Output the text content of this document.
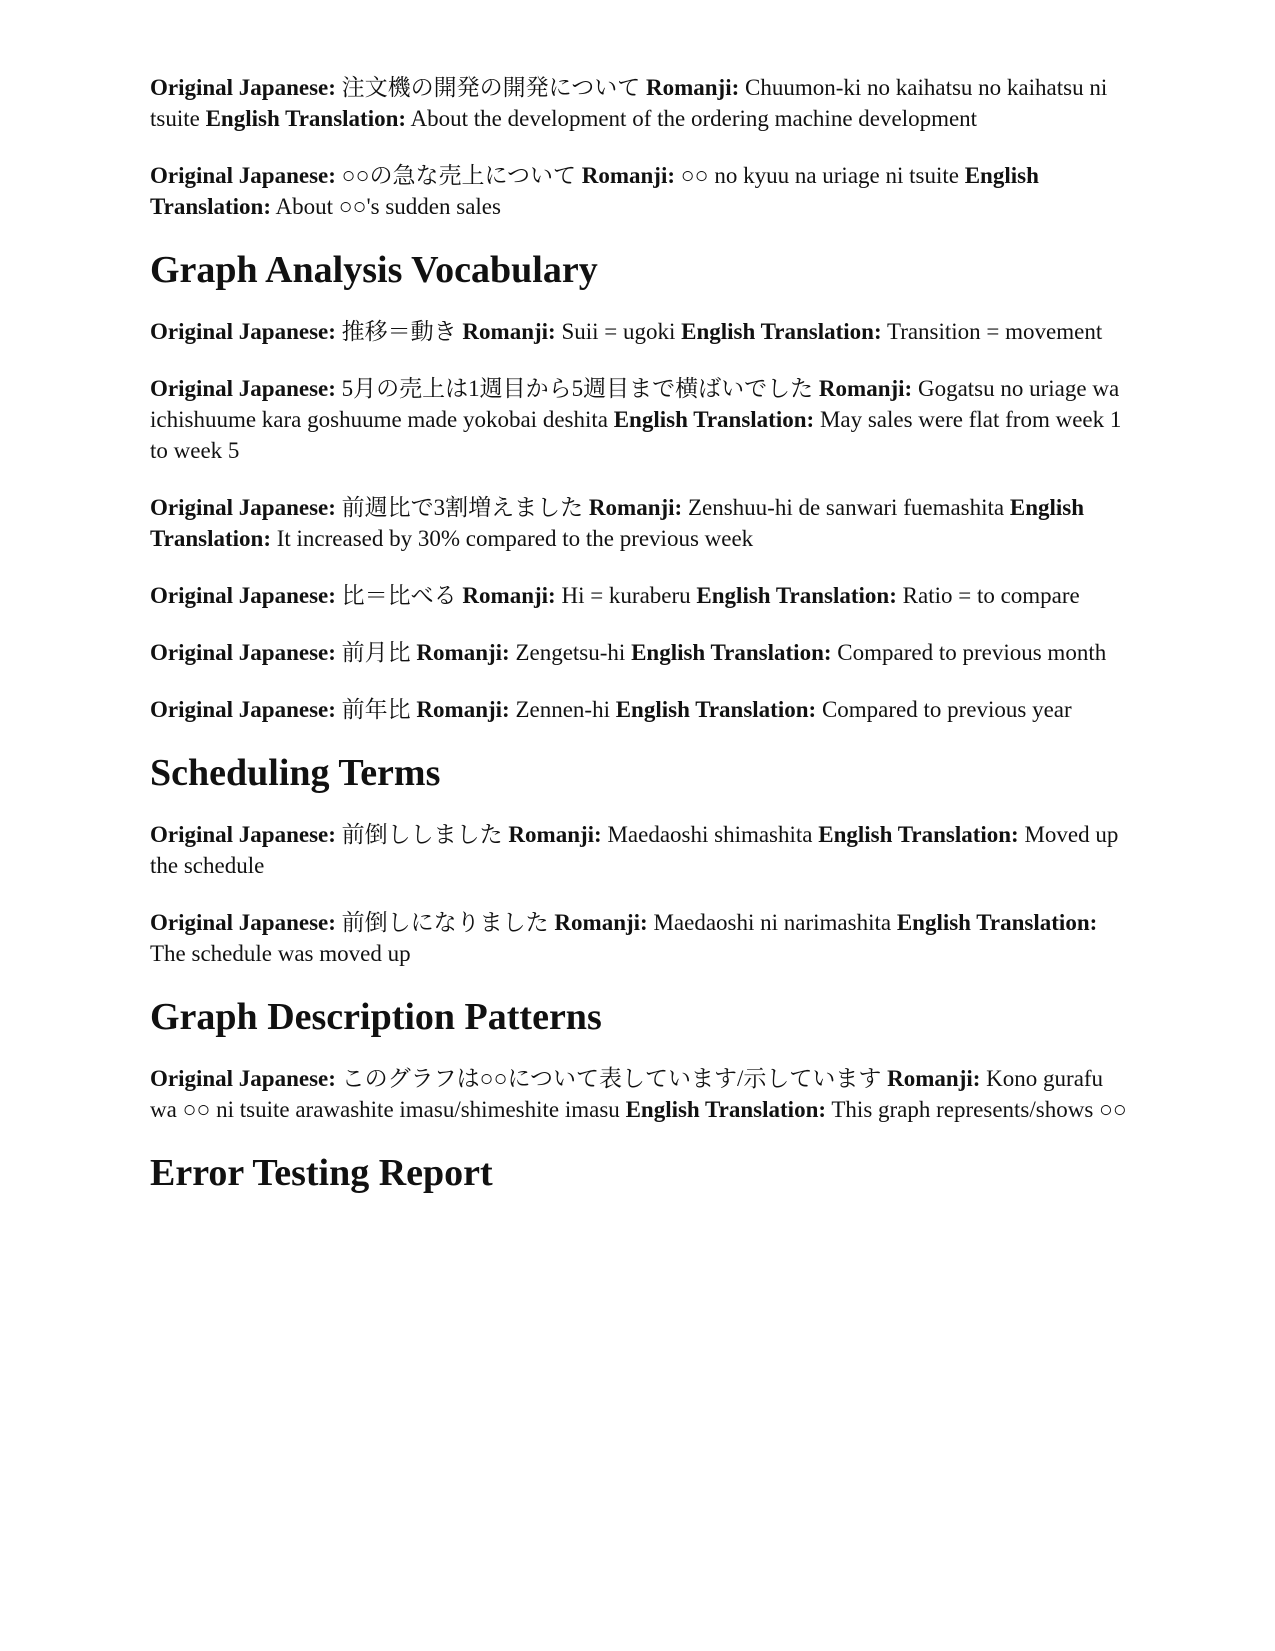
Original Japanese: 注文機の開発の開発について Romanji: Chuumon-ki no kaihatsu no kaihatsu ni tsuite English Translation: About the development of the ordering machine development

Original Japanese: ○○の急な売上について Romanji: ○○ no kyuu na uriage ni tsuite English Translation: About ○○'s sudden sales

Graph Analysis Vocabulary

Original Japanese: 推移＝動き Romanji: Suii = ugoki English Translation: Transition = movement

Original Japanese: 5月の売上は1週目から5週目まで横ばいでした Romanji: Gogatsu no uriage wa ichishuume kara goshuume made yokobai deshita English Translation: May sales were flat from week 1 to week 5

Original Japanese: 前週比で3割増えました Romanji: Zenshuu-hi de sanwari fuemashita English Translation: It increased by 30% compared to the previous week

Original Japanese: 比＝比べる Romanji: Hi = kuraberu English Translation: Ratio = to compare

Original Japanese: 前月比 Romanji: Zengetsu-hi English Translation: Compared to previous month

Original Japanese: 前年比 Romanji: Zennen-hi English Translation: Compared to previous year

Scheduling Terms

Original Japanese: 前倒ししました Romanji: Maedaoshi shimashita English Translation: Moved up the schedule

Original Japanese: 前倒しになりました Romanji: Maedaoshi ni narimashita English Translation: The schedule was moved up

Graph Description Patterns

Original Japanese: このグラフは○○について表しています/示しています Romanji: Kono gurafu wa ○○ ni tsuite arawashite imasu/shimeshite imasu English Translation: This graph represents/shows ○○

Error Testing Report
